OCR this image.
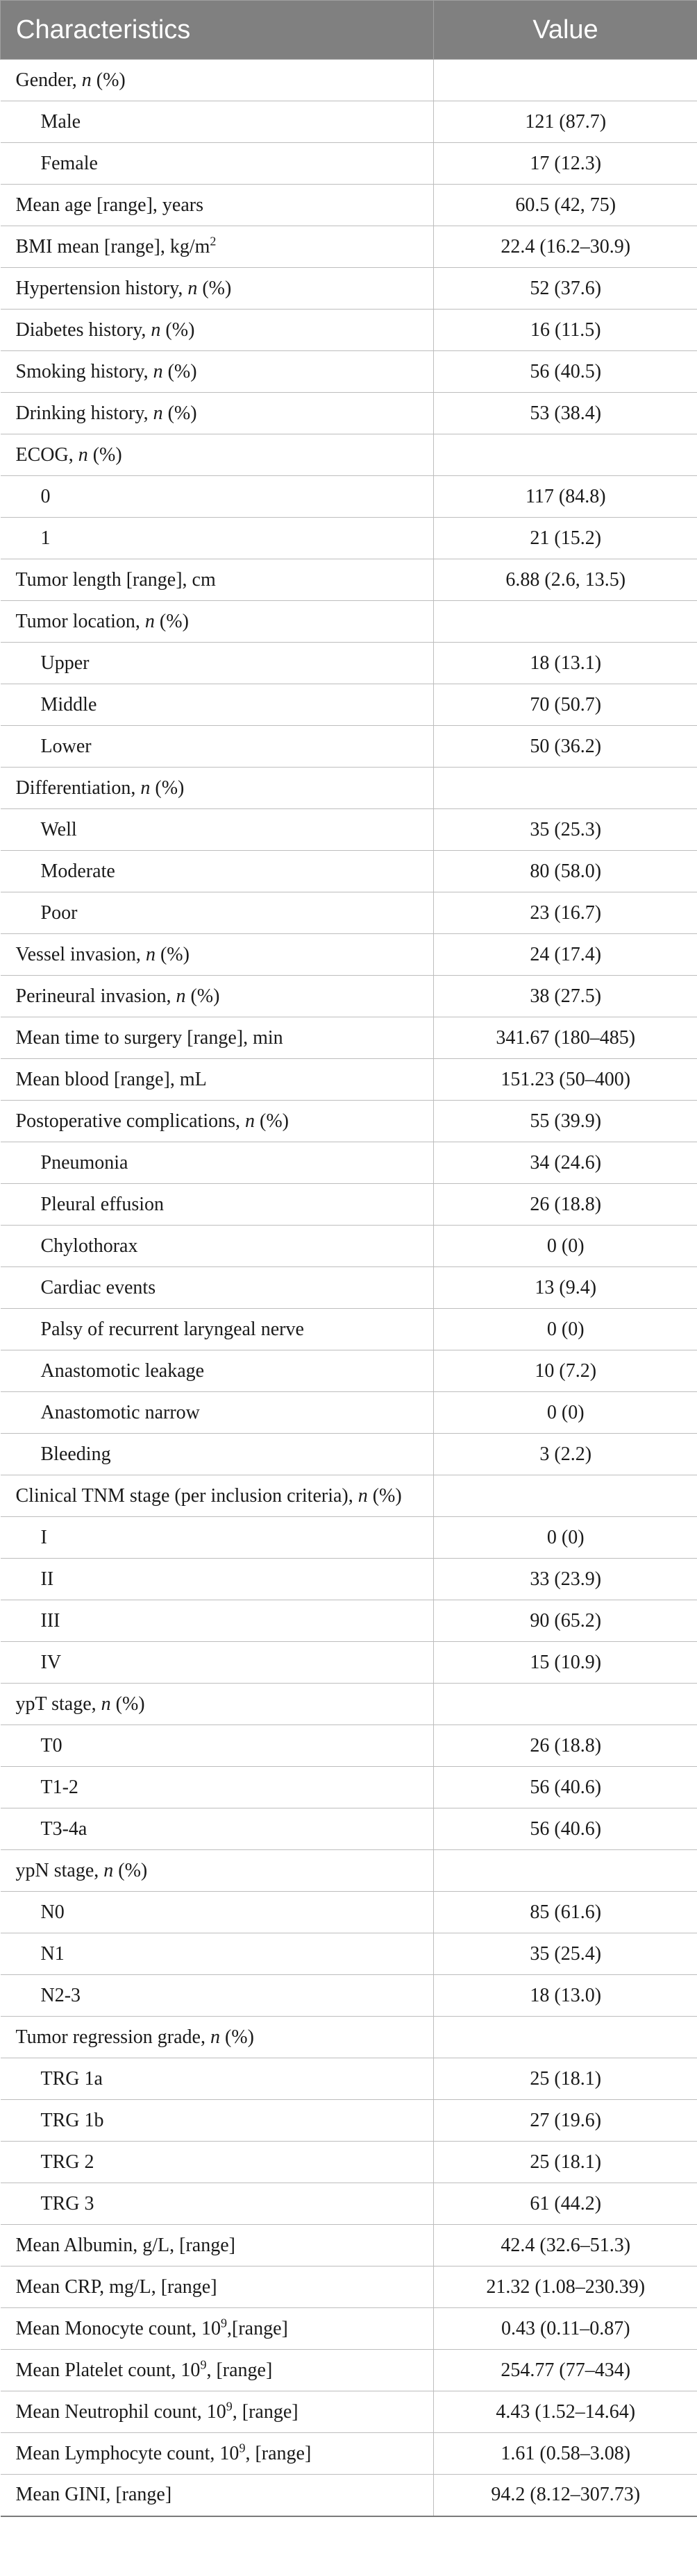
Characteristics	Value
Gender, n (%)	
Male	121 (87.7)
Female	17 (12.3)
Mean age [range], years	60.5 (42, 75)
BMI mean [range], $kg/m^2$	22.4 (16.2–30.9)
Hypertension history, n (%)	52 (37.6)
Diabetes history, n (%)	16 (11.5)
Smoking history, n (%)	56 (40.5)
Drinking history, n (%)	53 (38.4)
ECOG, n (%)	
0	117 (84.8)
1	21 (15.2)
Tumor length [range], cm	6.88 (2.6, 13.5)
Tumor location, n (%)	
Upper	18 (13.1)
Middle	70 (50.7)
Lower	50 (36.2)
Differentiation, n (%)	
Well	35 (25.3)
Moderate	80 (58.0)
Poor	23 (16.7)
Vessel invasion, n (%)	24 (17.4)
Perineural invasion, n (%)	38 (27.5)
Mean time to surgery [range], min	341.67 (180–485)
Mean blood [range], mL	151.23 (50–400)
Postoperative complications, n (%)	55 (39.9)
Pneumonia	34 (24.6)
Pleural effusion	26 (18.8)
Chylothorax	0 (0)
Cardiac events	13 (9.4)
Palsy of recurrent laryngeal nerve	0 (0)
Anastomotic leakage	10 (7.2)
Anastomotic narrow	0 (0)
Bleeding	3 (2.2)
Clinical TNM stage (per inclusion criteria), n (%)	
I	0 (0)
II	33 (23.9)
III	90 (65.2)
IV	15 (10.9)
ypT stage, n (%)	
T0	26 (18.8)
T1-2	56 (40.6)
T3-4a	56 (40.6)
ypN stage, n (%)	
N0	85 (61.6)
N1	35 (25.4)
N2-3	18 (13.0)
Tumor regression grade, n (%)	
TRG 1a	25 (18.1)
TRG 1b	27 (19.6)
TRG 2	25 (18.1)
TRG 3	61 (44.2)
Mean Albumin, g/L, [range]	42.4 (32.6–51.3)
Mean CRP, mg/L, [range]	21.32 (1.08–230.39)
Mean Monocyte count, $10^9,[range]$	0.43 (0.11–0.87)
Mean Platelet count, $10^9$, [range]	254.77 (77–434)
Mean Neutrophil count, $10^9$, [range]	4.43 (1.52–14.64)
Mean Lymphocyte count, $10^9$, [range]	1.61 (0.58–3.08)
Mean GINI, [range]	94.2 (8.12–307.73)
